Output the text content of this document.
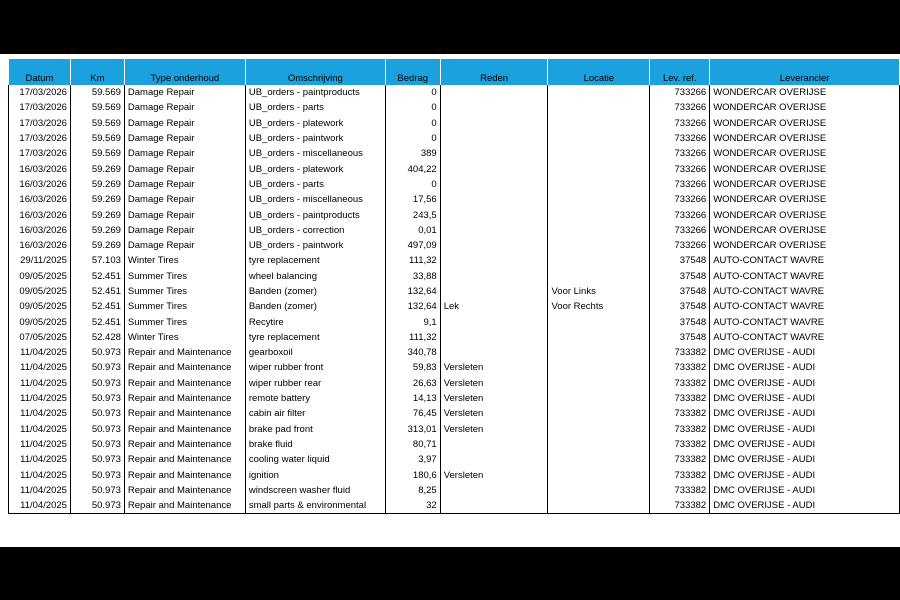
Datum	Km	Type onderhoud	Omschrijving	Bedrag	Reden	Locatie	Lev. ref.	Leverancier
17/03/2026	59.569	Damage Repair	UB_orders - paintproducts	0			733266	WONDERCAR OVERIJSE
17/03/2026	59.569	Damage Repair	UB_orders - parts	0			733266	WONDERCAR OVERIJSE
17/03/2026	59.569	Damage Repair	UB_orders - platework	0			733266	WONDERCAR OVERIJSE
17/03/2026	59.569	Damage Repair	UB_orders - paintwork	0			733266	WONDERCAR OVERIJSE
17/03/2026	59.569	Damage Repair	UB_orders - miscellaneous	389			733266	WONDERCAR OVERIJSE
16/03/2026	59.269	Damage Repair	UB_orders - platework	404,22			733266	WONDERCAR OVERIJSE
16/03/2026	59.269	Damage Repair	UB_orders - parts	0			733266	WONDERCAR OVERIJSE
16/03/2026	59.269	Damage Repair	UB_orders - miscellaneous	17,56			733266	WONDERCAR OVERIJSE
16/03/2026	59.269	Damage Repair	UB_orders - paintproducts	243,5			733266	WONDERCAR OVERIJSE
16/03/2026	59.269	Damage Repair	UB_orders - correction	0,01			733266	WONDERCAR OVERIJSE
16/03/2026	59.269	Damage Repair	UB_orders - paintwork	497,09			733266	WONDERCAR OVERIJSE
29/11/2025	57.103	Winter Tires	tyre replacement	111,32			37548	AUTO-CONTACT WAVRE
09/05/2025	52.451	Summer Tires	wheel balancing	33,88			37548	AUTO-CONTACT WAVRE
09/05/2025	52.451	Summer Tires	Banden (zomer)	132,64		Voor Links	37548	AUTO-CONTACT WAVRE
09/05/2025	52.451	Summer Tires	Banden (zomer)	132,64	Lek	Voor Rechts	37548	AUTO-CONTACT WAVRE
09/05/2025	52.451	Summer Tires	Recytire	9,1			37548	AUTO-CONTACT WAVRE
07/05/2025	52.428	Winter Tires	tyre replacement	111,32			37548	AUTO-CONTACT WAVRE
11/04/2025	50.973	Repair and Maintenance	gearboxoil	340,78			733382	DMC OVERIJSE - AUDI
11/04/2025	50.973	Repair and Maintenance	wiper rubber front	59,83	Versleten		733382	DMC OVERIJSE - AUDI
11/04/2025	50.973	Repair and Maintenance	wiper rubber rear	26,63	Versleten		733382	DMC OVERIJSE - AUDI
11/04/2025	50.973	Repair and Maintenance	remote battery	14,13	Versleten		733382	DMC OVERIJSE - AUDI
11/04/2025	50.973	Repair and Maintenance	cabin air filter	76,45	Versleten		733382	DMC OVERIJSE - AUDI
11/04/2025	50.973	Repair and Maintenance	brake pad front	313,01	Versleten		733382	DMC OVERIJSE - AUDI
11/04/2025	50.973	Repair and Maintenance	brake fluid	80,71			733382	DMC OVERIJSE - AUDI
11/04/2025	50.973	Repair and Maintenance	cooling water liquid	3,97			733382	DMC OVERIJSE - AUDI
11/04/2025	50.973	Repair and Maintenance	ignition	180,6	Versleten		733382	DMC OVERIJSE - AUDI
11/04/2025	50.973	Repair and Maintenance	windscreen washer fluid	8,25			733382	DMC OVERIJSE - AUDI
11/04/2025	50.973	Repair and Maintenance	small parts & environmental	32			733382	DMC OVERIJSE - AUDI
